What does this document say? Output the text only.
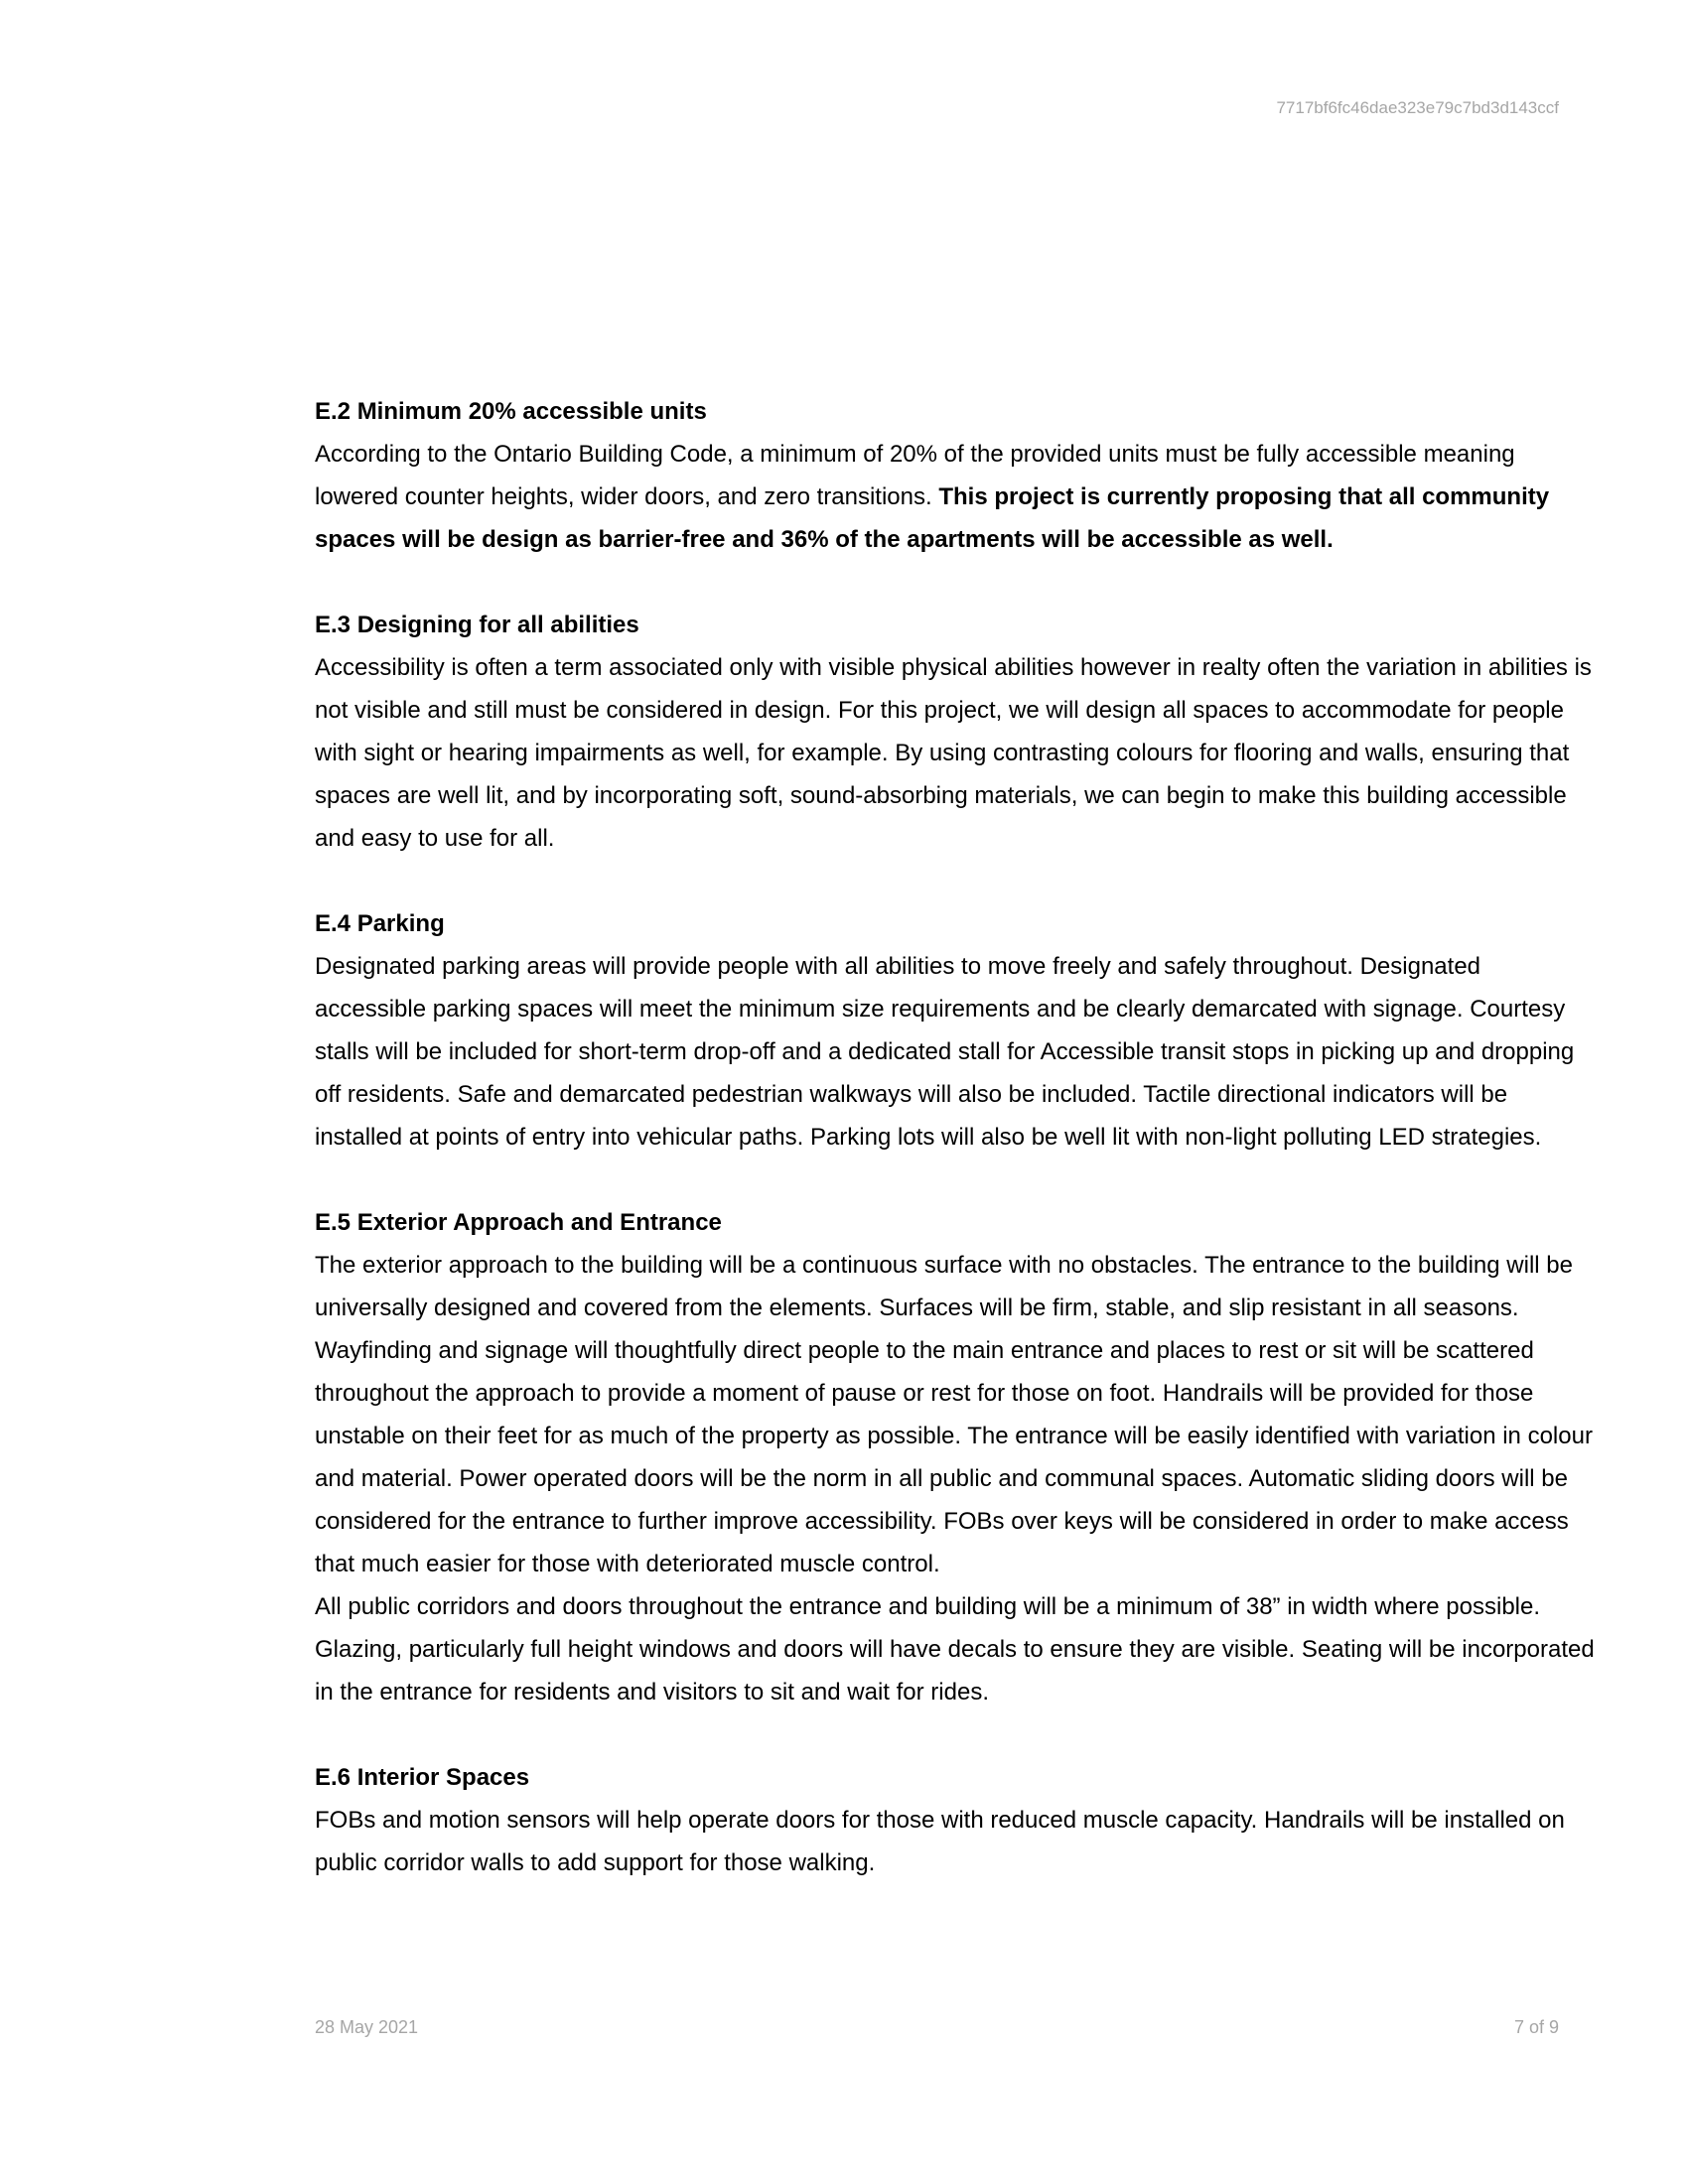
7717bf6fc46dae323e79c7bd3d143ccf
E.2 Minimum 20% accessible units
According to the Ontario Building Code, a minimum of 20% of the provided units must be fully accessible meaning lowered counter heights, wider doors, and zero transitions. This project is currently proposing that all community spaces will be design as barrier-free and 36% of the apartments will be accessible as well.
E.3 Designing for all abilities
Accessibility is often a term associated only with visible physical abilities however in realty often the variation in abilities is not visible and still must be considered in design. For this project, we will design all spaces to accommodate for people with sight or hearing impairments as well, for example. By using contrasting colours for flooring and walls, ensuring that spaces are well lit, and by incorporating soft, sound-absorbing materials, we can begin to make this building accessible and easy to use for all.
E.4 Parking
Designated parking areas will provide people with all abilities to move freely and safely throughout. Designated accessible parking spaces will meet the minimum size requirements and be clearly demarcated with signage. Courtesy stalls will be included for short-term drop-off and a dedicated stall for Accessible transit stops in picking up and dropping off residents. Safe and demarcated pedestrian walkways will also be included. Tactile directional indicators will be installed at points of entry into vehicular paths. Parking lots will also be well lit with non-light polluting LED strategies.
E.5 Exterior Approach and Entrance
The exterior approach to the building will be a continuous surface with no obstacles. The entrance to the building will be universally designed and covered from the elements. Surfaces will be firm, stable, and slip resistant in all seasons. Wayfinding and signage will thoughtfully direct people to the main entrance and places to rest or sit will be scattered throughout the approach to provide a moment of pause or rest for those on foot. Handrails will be provided for those unstable on their feet for as much of the property as possible. The entrance will be easily identified with variation in colour and material. Power operated doors will be the norm in all public and communal spaces. Automatic sliding doors will be considered for the entrance to further improve accessibility. FOBs over keys will be considered in order to make access that much easier for those with deteriorated muscle control.
All public corridors and doors throughout the entrance and building will be a minimum of 38” in width where possible. Glazing, particularly full height windows and doors will have decals to ensure they are visible. Seating will be incorporated in the entrance for residents and visitors to sit and wait for rides.
E.6 Interior Spaces
FOBs and motion sensors will help operate doors for those with reduced muscle capacity. Handrails will be installed on public corridor walls to add support for those walking.
28 May 2021	7 of 9
